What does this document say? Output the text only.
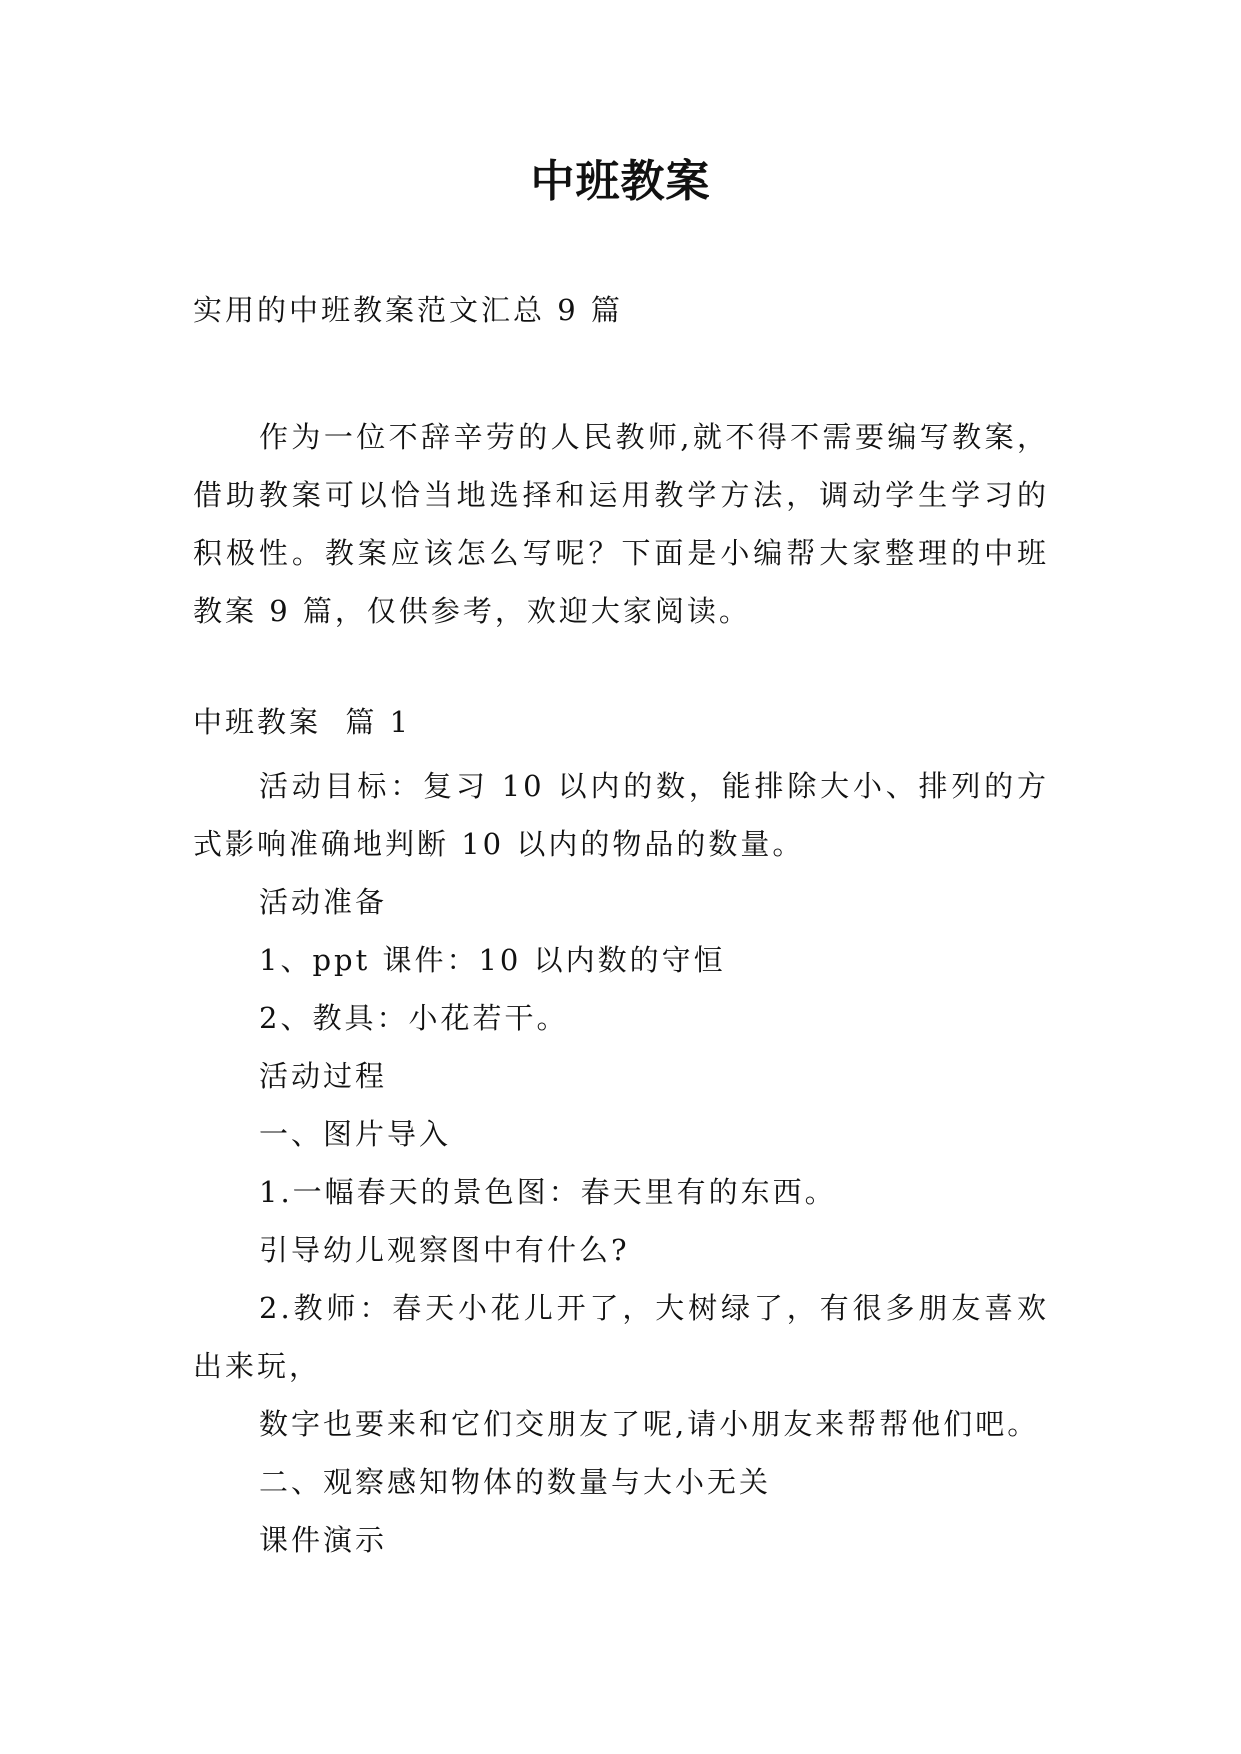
中班教案
实用的中班教案范文汇总 9 篇
作为一位不辞辛劳的人民教师,就不得不需要编写教案，借助教案可以恰当地选择和运用教学方法，调动学生学习的积极性。教案应该怎么写呢？下面是小编帮大家整理的中班教案 9 篇，仅供参考，欢迎大家阅读。
中班教案  篇 1

活动目标：复习 10 以内的数，能排除大小、排列的方式影响准确地判断 10 以内的物品的数量。

活动准备

1、ppt 课件：10 以内数的守恒

2、教具：小花若干。

活动过程

一、图片导入

1.一幅春天的景色图：春天里有的东西。

引导幼儿观察图中有什么?

2.教师：春天小花儿开了，大树绿了，有很多朋友喜欢出来玩，

数字也要来和它们交朋友了呢,请小朋友来帮帮他们吧。

二、观察感知物体的数量与大小无关

课件演示
